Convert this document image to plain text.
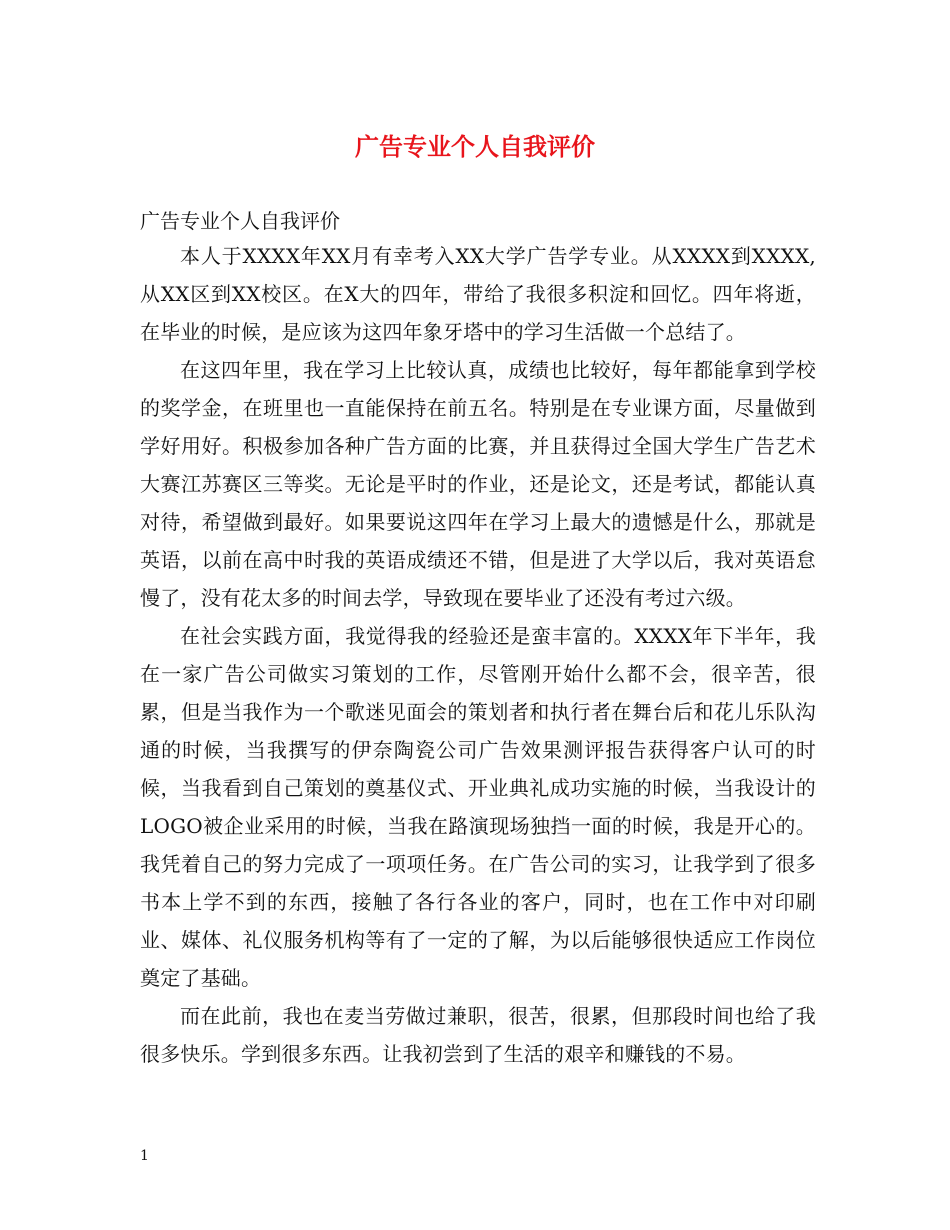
广告专业个人自我评价

广告专业个人自我评价

本人于XXXX年XX月有幸考入XX大学广告学专业。从XXXX到XXXX,从XX区到XX校区。在X大的四年，带给了我很多积淀和回忆。四年将逝，在毕业的时候，是应该为这四年象牙塔中的学习生活做一个总结了。

在这四年里，我在学习上比较认真，成绩也比较好，每年都能拿到学校的奖学金，在班里也一直能保持在前五名。特别是在专业课方面，尽量做到学好用好。积极参加各种广告方面的比赛，并且获得过全国大学生广告艺术大赛江苏赛区三等奖。无论是平时的作业，还是论文，还是考试，都能认真对待，希望做到最好。如果要说这四年在学习上最大的遗憾是什么，那就是英语，以前在高中时我的英语成绩还不错，但是进了大学以后，我对英语怠慢了，没有花太多的时间去学，导致现在要毕业了还没有考过六级。

在社会实践方面，我觉得我的经验还是蛮丰富的。XXXX年下半年，我在一家广告公司做实习策划的工作，尽管刚开始什么都不会，很辛苦，很累，但是当我作为一个歌迷见面会的策划者和执行者在舞台后和花儿乐队沟通的时候，当我撰写的伊奈陶瓷公司广告效果测评报告获得客户认可的时候，当我看到自己策划的奠基仪式、开业典礼成功实施的时候，当我设计的LOGO被企业采用的时候，当我在路演现场独挡一面的时候，我是开心的。我凭着自己的努力完成了一项项任务。在广告公司的实习，让我学到了很多书本上学不到的东西，接触了各行各业的客户，同时，也在工作中对印刷业、媒体、礼仪服务机构等有了一定的了解，为以后能够很快适应工作岗位奠定了基础。

而在此前，我也在麦当劳做过兼职，很苦，很累，但那段时间也给了我很多快乐。学到很多东西。让我初尝到了生活的艰辛和赚钱的不易。

1
